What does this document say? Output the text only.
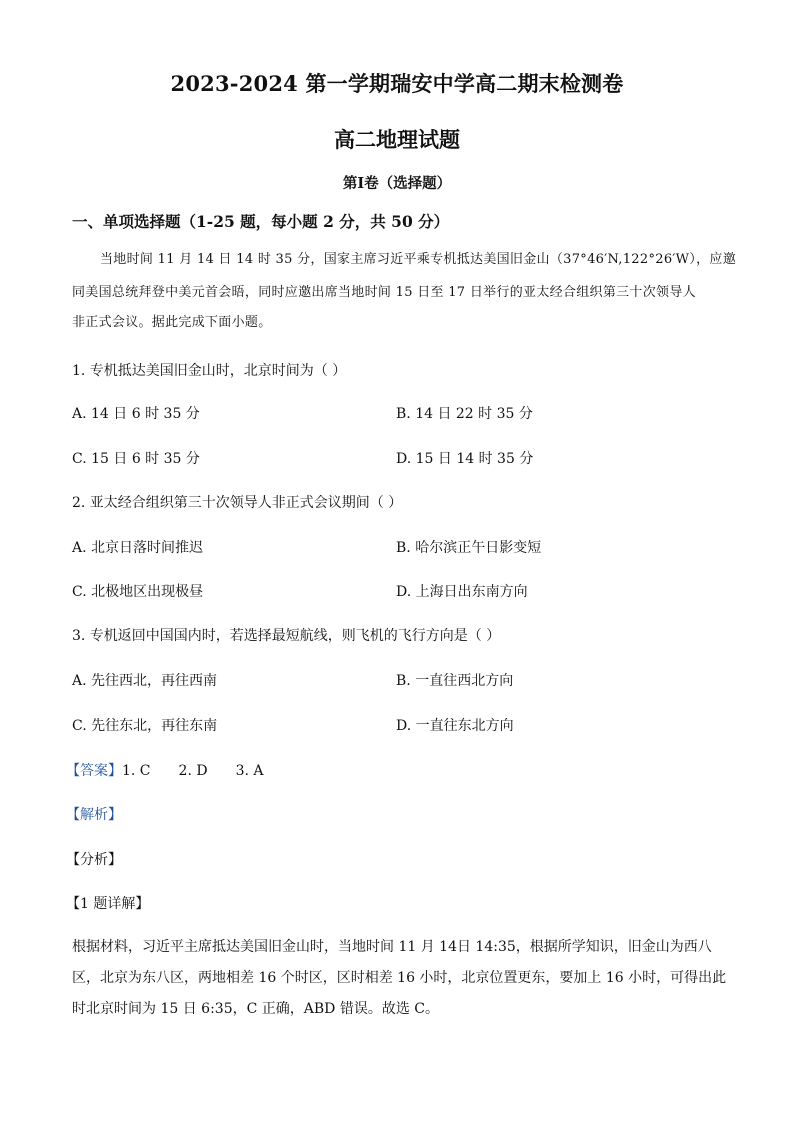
2023-2024 第一学期瑞安中学高二期末检测卷
高二地理试题
第Ⅰ卷（选择题）
一、单项选择题（1-25 题，每小题 2 分，共 50 分）
当地时间 11 月 14 日 14 时 35 分，国家主席习近平乘专机抵达美国旧金山（37°46′N,122°26′W），应邀
同美国总统拜登中美元首会晤，同时应邀出席当地时间 15 日至 17 日举行的亚太经合组织第三十次领导人
非正式会议。据此完成下面小题。
1. 专机抵达美国旧金山时，北京时间为（ ）
A. 14 日 6 时 35 分	B. 14 日 22 时 35 分
C. 15 日 6 时 35 分	D. 15 日 14 时 35 分
2. 亚太经合组织第三十次领导人非正式会议期间（ ）
A. 北京日落时间推迟	B. 哈尔滨正午日影变短
C. 北极地区出现极昼	D. 上海日出东南方向
3. 专机返回中国国内时，若选择最短航线，则飞机的飞行方向是（ ）
A. 先往西北，再往西南	B. 一直往西北方向
C. 先往东北，再往东南	D. 一直往东北方向
【答案】1. C 2. D 3. A
【解析】
【分析】
【1 题详解】
根据材料，习近平主席抵达美国旧金山时，当地时间 11 月 14日 14:35，根据所学知识，旧金山为西八
区，北京为东八区，两地相差 16 个时区，区时相差 16 小时，北京位置更东，要加上 16 小时，可得出此
时北京时间为 15 日 6:35，C 正确，ABD 错误。故选 C。
